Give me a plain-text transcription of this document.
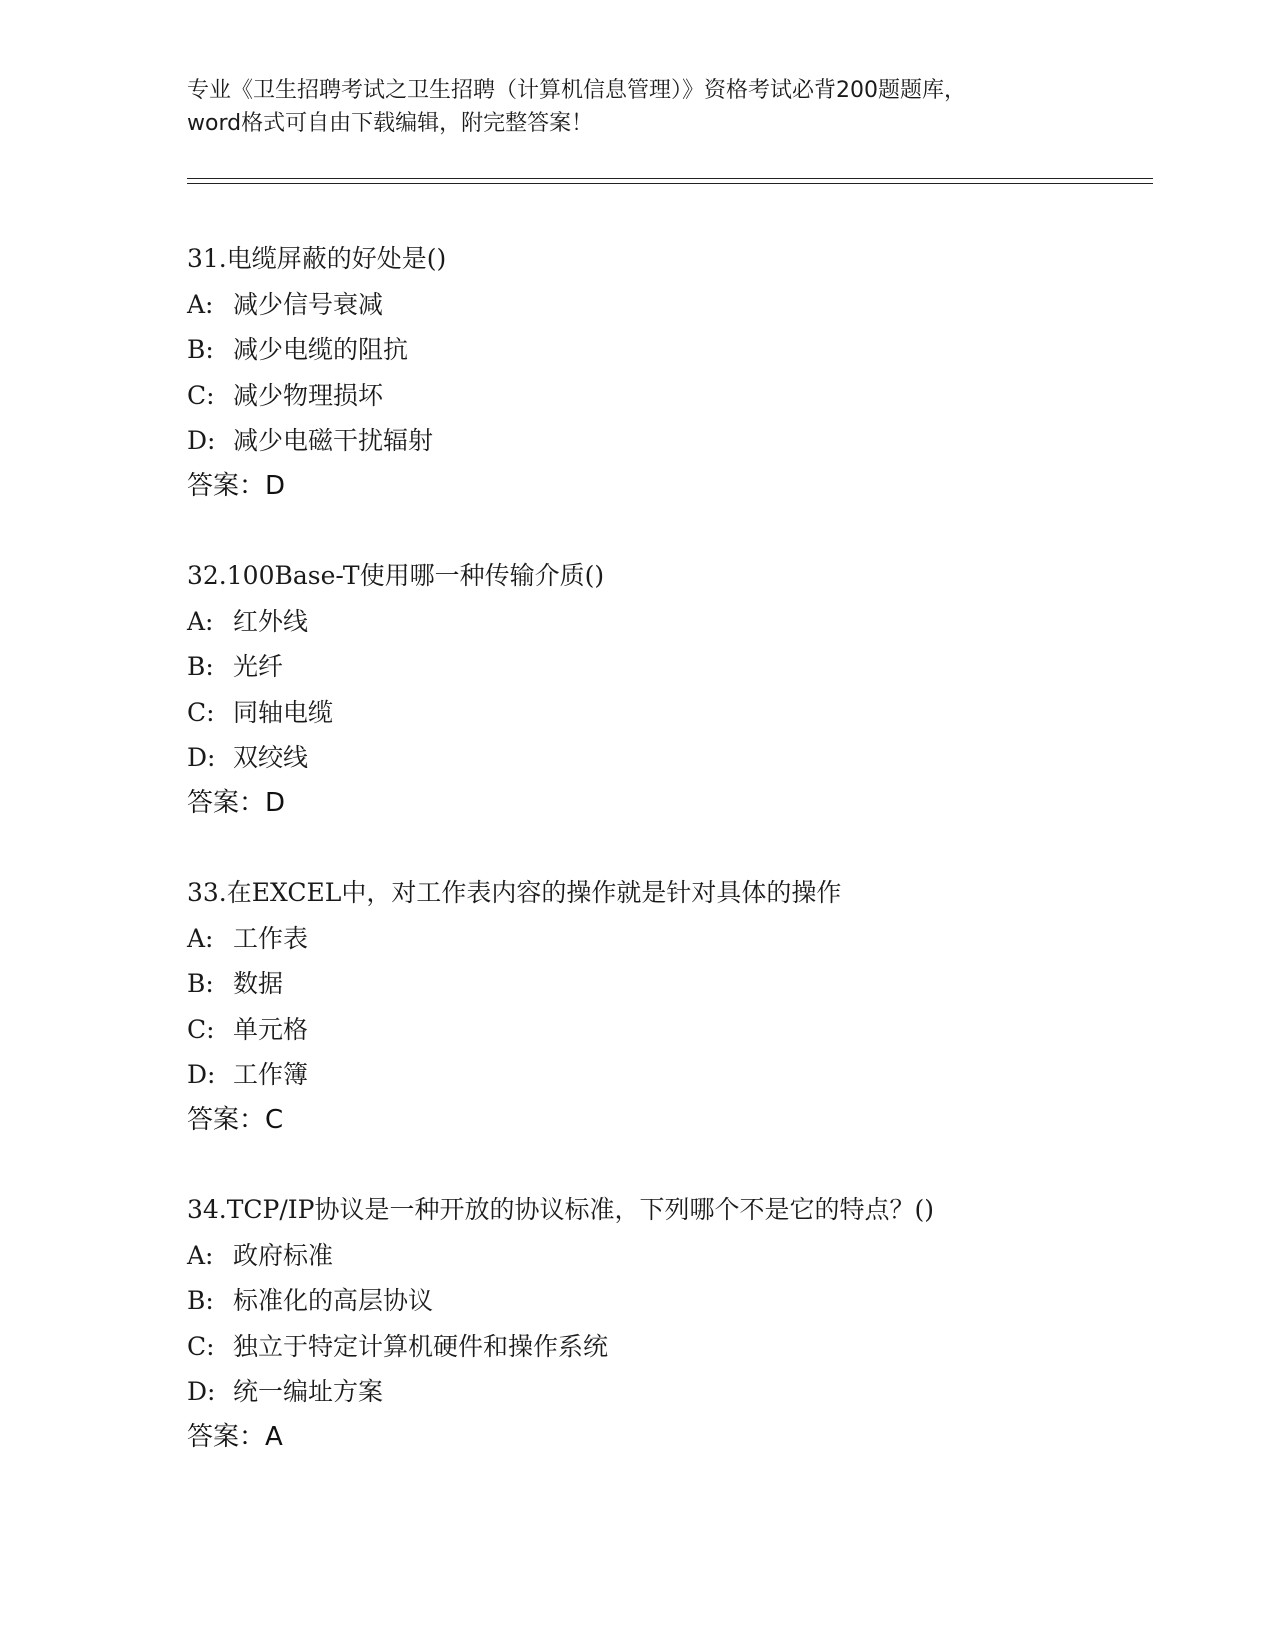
专业《卫生招聘考试之卫生招聘（计算机信息管理）》资格考试必背200题题库，
word格式可自由下载编辑，附完整答案！
31.电缆屏蔽的好处是()
A: 减少信号衰减
B: 减少电缆的阻抗
C: 减少物理损坏
D: 减少电磁干扰辐射
答案：D
32.100Base-T使用哪一种传输介质()
A: 红外线
B: 光纤
C: 同轴电缆
D: 双绞线
答案：D
33.在EXCEL中，对工作表内容的操作就是针对具体的操作
A: 工作表
B: 数据
C: 单元格
D: 工作簿
答案：C
34.TCP/IP协议是一种开放的协议标准，下列哪个不是它的特点？()
A: 政府标准
B: 标准化的高层协议
C: 独立于特定计算机硬件和操作系统
D: 统一编址方案
答案：A
